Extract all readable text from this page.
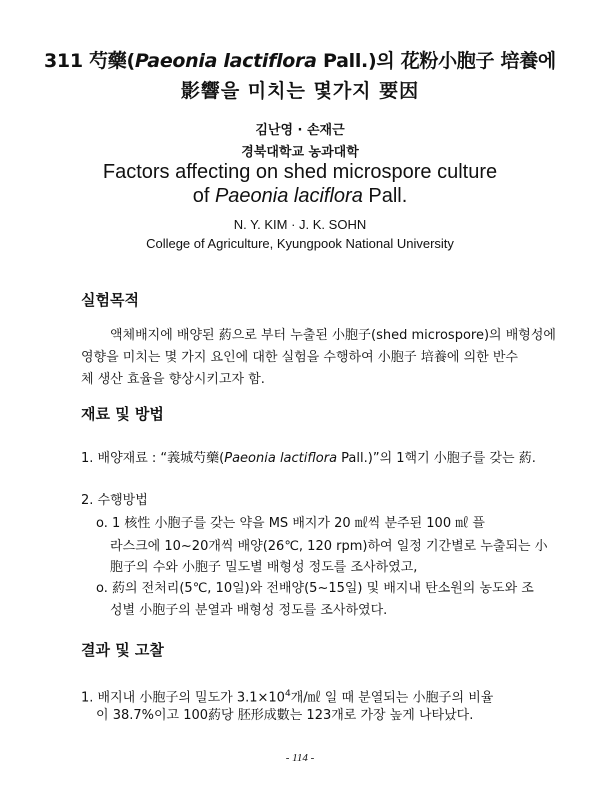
311 芍藥(Paeonia lactiflora Pall.)의 花粉小胞子 培養에
影響을 미치는 몇가지 要因
김난영 · 손재근
경북대학교 농과대학
Factors affecting on shed microspore culture
of Paeonia laciflora Pall.
N. Y. KIM · J. K. SOHN
College of Agriculture, Kyungpook National University
실험목적
액체배지에 배양된 葯으로 부터 누출된 小胞子(shed microspore)의 배형성에
영향을 미치는 몇 가지 요인에 대한 실험을 수행하여 小胞子 培養에 의한 반수
체 생산 효율을 향상시키고자 함.
재료 및 방법
1. 배양재료 : “義城芍藥(Paeonia lactiflora Pall.)”의 1핵기 小胞子를 갖는 葯.
2. 수행방법
o. 1 核性 小胞子를 갖는 약을 MS 배지가 20 ㎖씩 분주된 100 ㎖ 플
라스크에 10~20개씩 배양(26℃, 120 rpm)하여 일정 기간별로 누출되는 小
胞子의 수와 小胞子 밀도별 배형성 정도를 조사하였고,
o. 葯의 전처리(5℃, 10일)와 전배양(5~15일) 및 배지내 탄소원의 농도와 조
성별 小胞子의 분열과 배형성 정도를 조사하였다.
결과 및 고찰
1. 배지내 小胞子의 밀도가 $3.1\times 10^4$개/㎖ 일 때 분열되는 小胞子의 비율
이 38.7%이고 100葯당 胚形成數는 123개로 가장 높게 나타났다.
- 114 -
